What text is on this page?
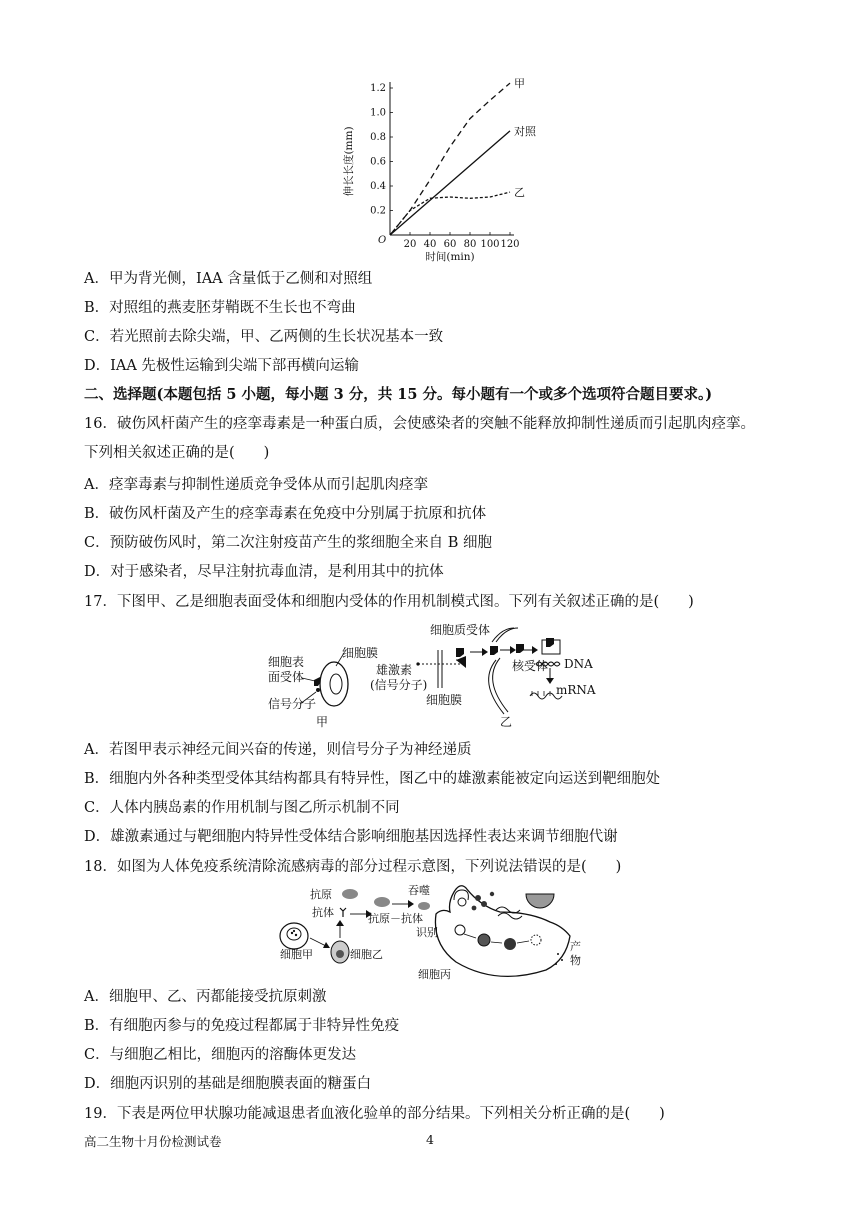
O 20 40 60 80 100 120
0.2
0.4
0.6
0.8
1.0
1.2
时间(min)
伸长长度(mm)
甲
对照
乙
A．甲为背光侧，IAA 含量低于乙侧和对照组
B．对照组的燕麦胚芽鞘既不生长也不弯曲
C．若光照前去除尖端，甲、乙两侧的生长状况基本一致
D．IAA 先极性运输到尖端下部再横向运输
二、选择题(本题包括 5 小题，每小题 3 分，共 15 分。每小题有一个或多个选项符合题目要求。)
16．破伤风杆菌产生的痉挛毒素是一种蛋白质，会使感染者的突触不能释放抑制性递质而引起肌肉痉挛。
下列相关叙述正确的是(　　)
A．痉挛毒素与抑制性递质竞争受体从而引起肌肉痉挛
B．破伤风杆菌及产生的痉挛毒素在免疫中分别属于抗原和抗体
C．预防破伤风时，第二次注射疫苗产生的浆细胞全来自 B 细胞
D．对于感染者，尽早注射抗毒血清，是利用其中的抗体
17．下图甲、乙是细胞表面受体和细胞内受体的作用机制模式图。下列有关叙述正确的是(　　)
细胞表
面受体
细胞膜
信号分子
甲
细胞质受体
核受体 DNA
mRNA
雄激素
(信号分子)
细胞膜
乙
A．若图甲表示神经元间兴奋的传递，则信号分子为神经递质
B．细胞内外各种类型受体其结构都具有特异性，图乙中的雄激素能被定向运送到靶细胞处
C．人体内胰岛素的作用机制与图乙所示机制不同
D．雄激素通过与靶细胞内特异性受体结合影响细胞基因选择性表达来调节细胞代谢
18．如图为人体免疫系统清除流感病毒的部分过程示意图，下列说法错误的是(　　)
细胞甲	细胞乙
抗原
抗体	抗原－抗体
吞噬
识别
细胞丙
产
物
A．细胞甲、乙、丙都能接受抗原刺激
B．有细胞丙参与的免疫过程都属于非特异性免疫
C．与细胞乙相比，细胞丙的溶酶体更发达
D．细胞丙识别的基础是细胞膜表面的糖蛋白
19．下表是两位甲状腺功能减退患者血液化验单的部分结果。下列相关分析正确的是(　　)
高二生物十月份检测试卷	4
